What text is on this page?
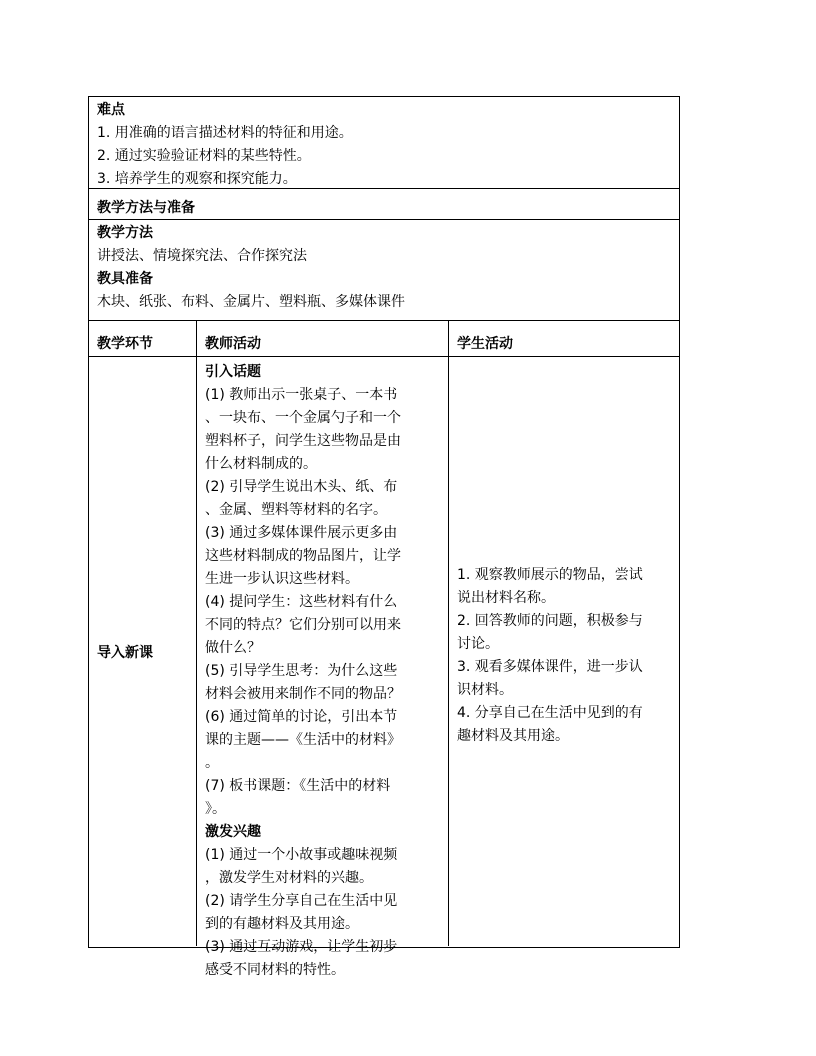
难点
1. 用准确的语言描述材料的特征和用途。
2. 通过实验验证材料的某些特性。
3. 培养学生的观察和探究能力。
教学方法与准备
教学方法
讲授法、情境探究法、合作探究法
教具准备
木块、纸张、布料、金属片、塑料瓶、多媒体课件
教学环节	教师活动	学生活动
导入新课
引入话题
(1) 教师出示一张桌子、一本书
、一块布、一个金属勺子和一个
塑料杯子，问学生这些物品是由
什么材料制成的。
(2) 引导学生说出木头、纸、布
、金属、塑料等材料的名字。
(3) 通过多媒体课件展示更多由
这些材料制成的物品图片，让学
生进一步认识这些材料。
(4) 提问学生：这些材料有什么
不同的特点？它们分别可以用来
做什么？
(5) 引导学生思考：为什么这些
材料会被用来制作不同的物品？
(6) 通过简单的讨论，引出本节
课的主题——《生活中的材料》
。
(7) 板书课题：《生活中的材料
》。
激发兴趣
(1) 通过一个小故事或趣味视频
，激发学生对材料的兴趣。
(2) 请学生分享自己在生活中见
到的有趣材料及其用途。
(3) 通过互动游戏，让学生初步
感受不同材料的特性。
1. 观察教师展示的物品，尝试
说出材料名称。
2. 回答教师的问题，积极参与
讨论。
3. 观看多媒体课件，进一步认
识材料。
4. 分享自己在生活中见到的有
趣材料及其用途。
